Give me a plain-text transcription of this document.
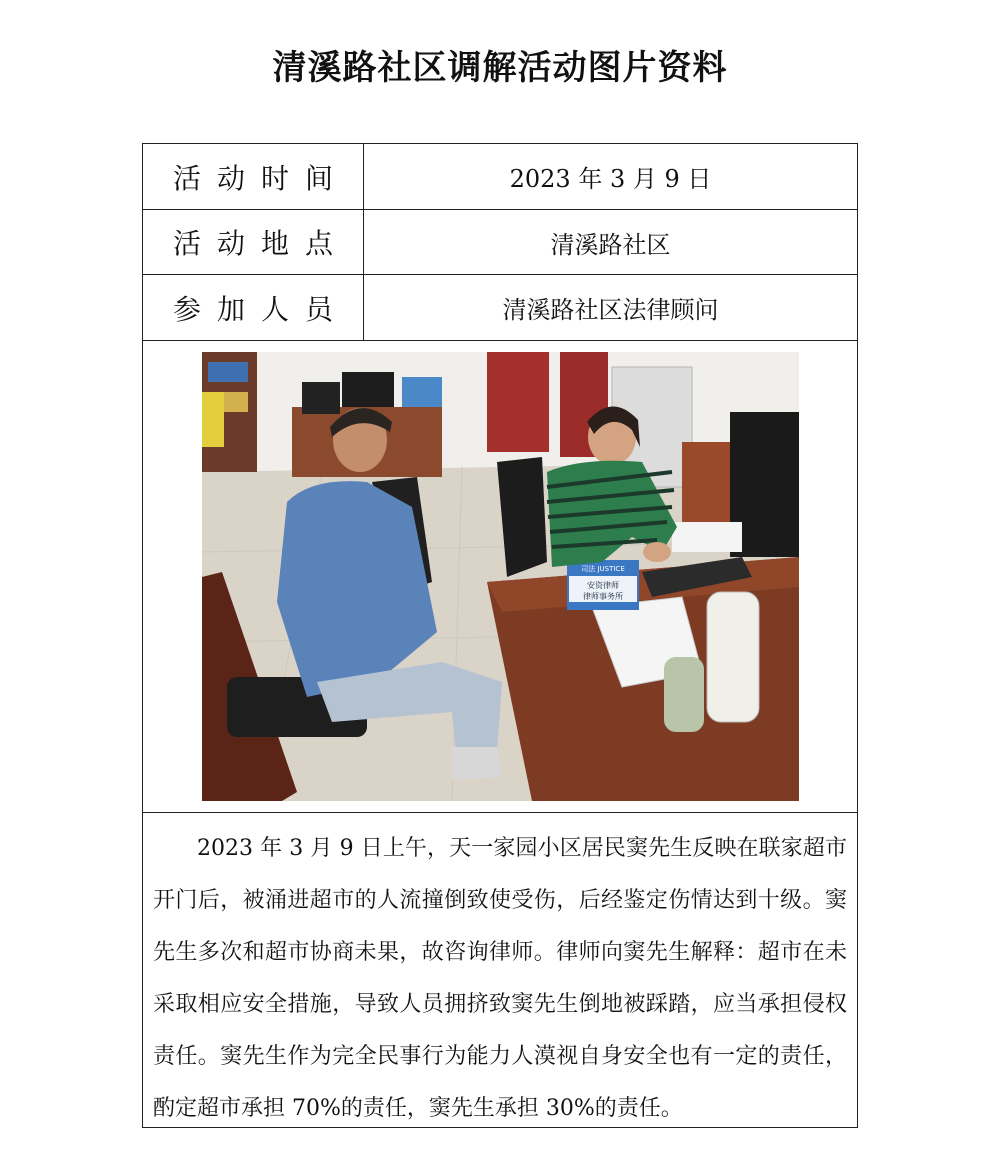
清溪路社区调解活动图片资料
活动时间	2023 年 3 月 9 日
活动地点	清溪路社区
参加人员	清溪路社区法律顾问
司法 JUSTICE
安资律师
律师事务所

2023 年 3 月 9 日上午，天一家园小区居民窦先生反映在联家超市开门后，被涌进超市的人流撞倒致使受伤，后经鉴定伤情达到十级。窦先生多次和超市协商未果，故咨询律师。律师向窦先生解释：超市在未采取相应安全措施，导致人员拥挤致窦先生倒地被踩踏，应当承担侵权责任。窦先生作为完全民事行为能力人漠视自身安全也有一定的责任，酌定超市承担 70%的责任，窦先生承担 30%的责任。
